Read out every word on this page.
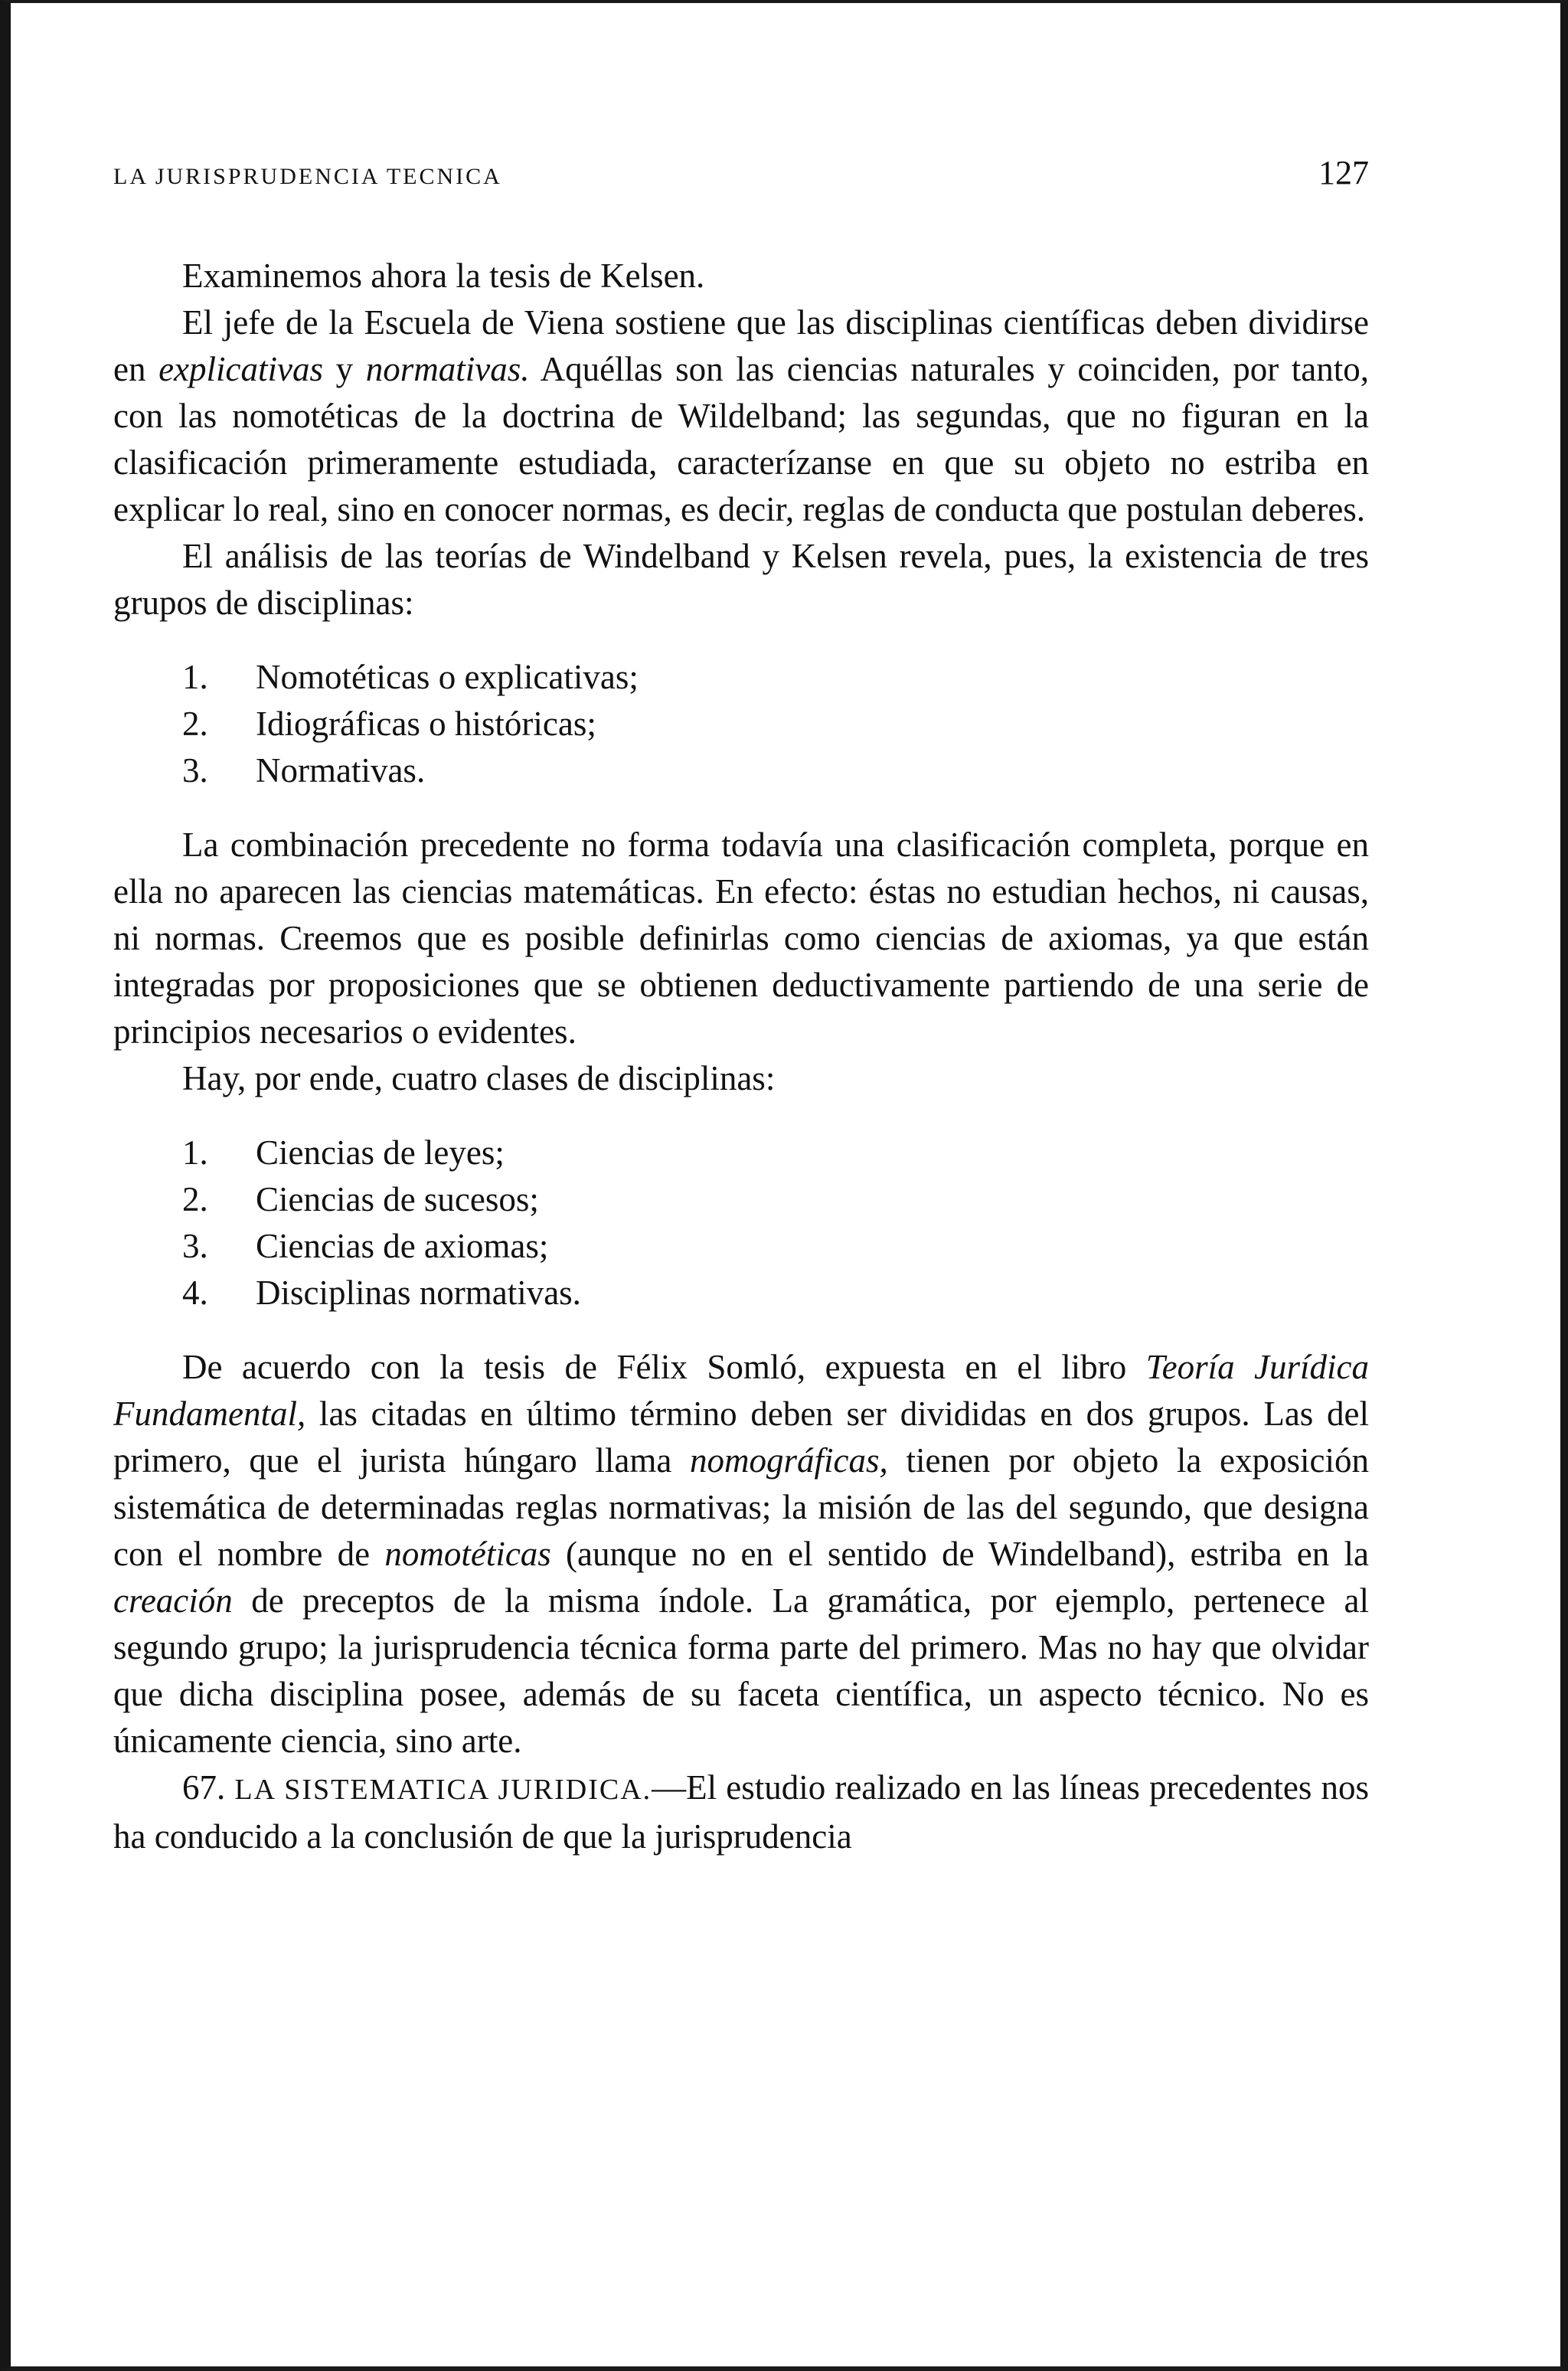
LA JURISPRUDENCIA TECNICA	127

Examinemos ahora la tesis de Kelsen.

El jefe de la Escuela de Viena sostiene que las disciplinas científicas deben dividirse en explicativas y normativas. Aquéllas son las ciencias naturales y coinciden, por tanto, con las nomotéticas de la doctrina de Wildelband; las segundas, que no figuran en la clasificación primeramente estudiada, caracterízanse en que su objeto no estriba en explicar lo real, sino en conocer normas, es decir, reglas de conducta que postulan deberes.

El análisis de las teorías de Windelband y Kelsen revela, pues, la existencia de tres grupos de disciplinas:

1.	Nomotéticas o explicativas;
2.	Idiográficas o históricas;
3.	Normativas.

La combinación precedente no forma todavía una clasificación completa, porque en ella no aparecen las ciencias matemáticas. En efecto: éstas no estudian hechos, ni causas, ni normas. Creemos que es posible definirlas como ciencias de axiomas, ya que están integradas por proposiciones que se obtienen deductivamente partiendo de una serie de principios necesarios o evidentes.

Hay, por ende, cuatro clases de disciplinas:

1.	Ciencias de leyes;
2.	Ciencias de sucesos;
3.	Ciencias de axiomas;
4.	Disciplinas normativas.

De acuerdo con la tesis de Félix Somló, expuesta en el libro Teoría Jurídica Fundamental, las citadas en último término deben ser divididas en dos grupos. Las del primero, que el jurista húngaro llama nomográficas, tienen por objeto la exposición sistemática de determinadas reglas normativas; la misión de las del segundo, que designa con el nombre de nomotéticas (aunque no en el sentido de Windelband), estriba en la creación de preceptos de la misma índole. La gramática, por ejemplo, pertenece al segundo grupo; la jurisprudencia técnica forma parte del primero. Mas no hay que olvidar que dicha disciplina posee, además de su faceta científica, un aspecto técnico. No es únicamente ciencia, sino arte.

67. LA SISTEMATICA JURIDICA.—El estudio realizado en las líneas precedentes nos ha conducido a la conclusión de que la jurisprudencia
